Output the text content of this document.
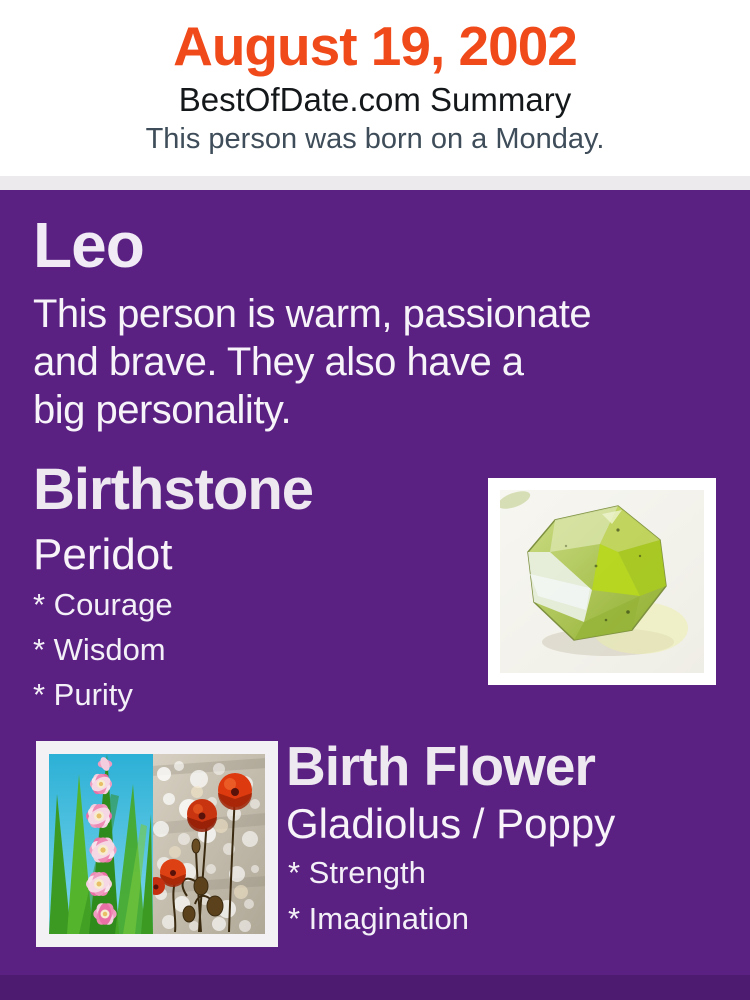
August 19, 2002
BestOfDate.com Summary
This person was born on a Monday.
Leo
This person is warm, passionate
and brave. They also have a
big personality.
Birthstone
Peridot
* Courage
* Wisdom
* Purity
Birth Flower
Gladiolus / Poppy
* Strength
* Imagination
